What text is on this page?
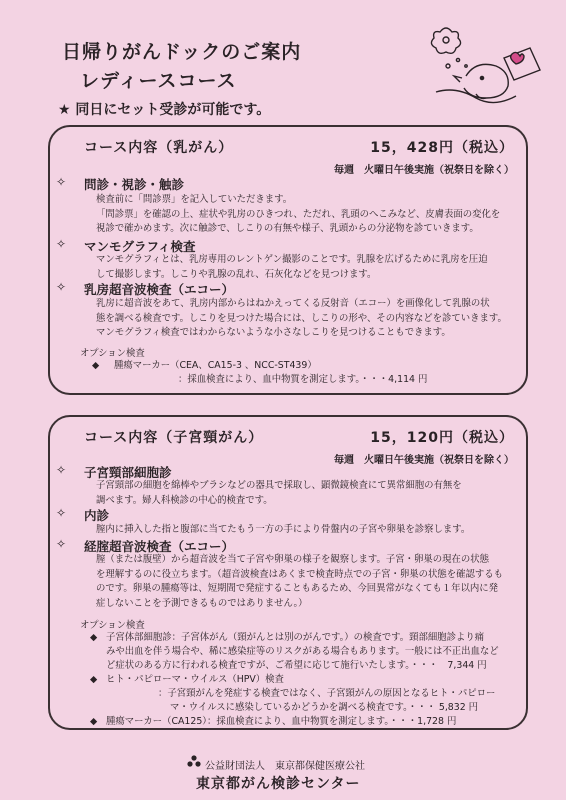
日帰りがんドックのご案内
レディースコース
★ 同日にセット受診が可能です。
コース内容（乳がん）	15，428円（税込）
毎週　火曜日午後実施（祝祭日を除く）
✧ 問診・視診・触診
検査前に「問診票」を記入していただきます。
「問診票」を確認の上、症状や乳房のひきつれ、ただれ、乳頭のへこみなど、皮膚表面の変化を
視診で確かめます。次に触診で、しこりの有無や様子、乳頭からの分泌物を診ていきます。
✧ マンモグラフィ検査
マンモグラフィとは、乳房専用のレントゲン撮影のことです。乳腺を広げるために乳房を圧迫
して撮影します。しこりや乳腺の乱れ、石灰化などを見つけます。
✧ 乳房超音波検査（エコー）
乳房に超音波をあて、乳房内部からはねかえってくる反射音（エコー）を画像化して乳腺の状
態を調べる検査です。しこりを見つけた場合には、しこりの形や、その内容などを診ていきます。
マンモグラフィ検査ではわからないような小さなしこりを見つけることもできます。
オプション検査
◆ 腫瘍マーカー（CEA、CA15-3 、NCC-ST439）
：採血検査により、血中物質を測定します。・・・4,114 円
コース内容（子宮頸がん）	15，120円（税込）
毎週　火曜日午後実施（祝祭日を除く）
✧ 子宮頸部細胞診
子宮頸部の細胞を綿棒やブラシなどの器具で採取し、顕微鏡検査にて異常細胞の有無を
調べます。婦人科検診の中心的検査です。
✧ 内診
膣内に挿入した指と腹部に当てたもう一方の手により骨盤内の子宮や卵巣を診察します。
✧ 経腟超音波検査（エコー）
膣（または腹壁）から超音波を当て子宮や卵巣の様子を観察します。子宮・卵巣の現在の状態
を理解するのに役立ちます。（超音波検査はあくまで検査時点での子宮・卵巣の状態を確認するも
のです。卵巣の腫瘍等は、短期間で発症することもあるため、今回異常がなくても１年以内に発
症しないことを予測できるものではありません。）
オプション検査
◆ 子宮体部細胞診：子宮体がん（頸がんとは別のがんです。）の検査です。頸部細胞診より痛
みや出血を伴う場合や、稀に感染症等のリスクがある場合もあります。一般には不正出血など
ど症状のある方に行われる検査ですが、ご希望に応じて施行いたします。・・・　7,344 円
◆ ヒト・パピローマ・ウイルス（HPV）検査
：子宮頸がんを発症する検査ではなく、子宮頸がんの原因となるヒト・パピロー
マ・ウイルスに感染しているかどうかを調べる検査です。・・・ 5,832 円
◆ 腫瘍マーカー（CA125）：採血検査により、血中物質を測定します。・・・1,728 円
公益財団法人　東京都保健医療公社
東京都がん検診センター
